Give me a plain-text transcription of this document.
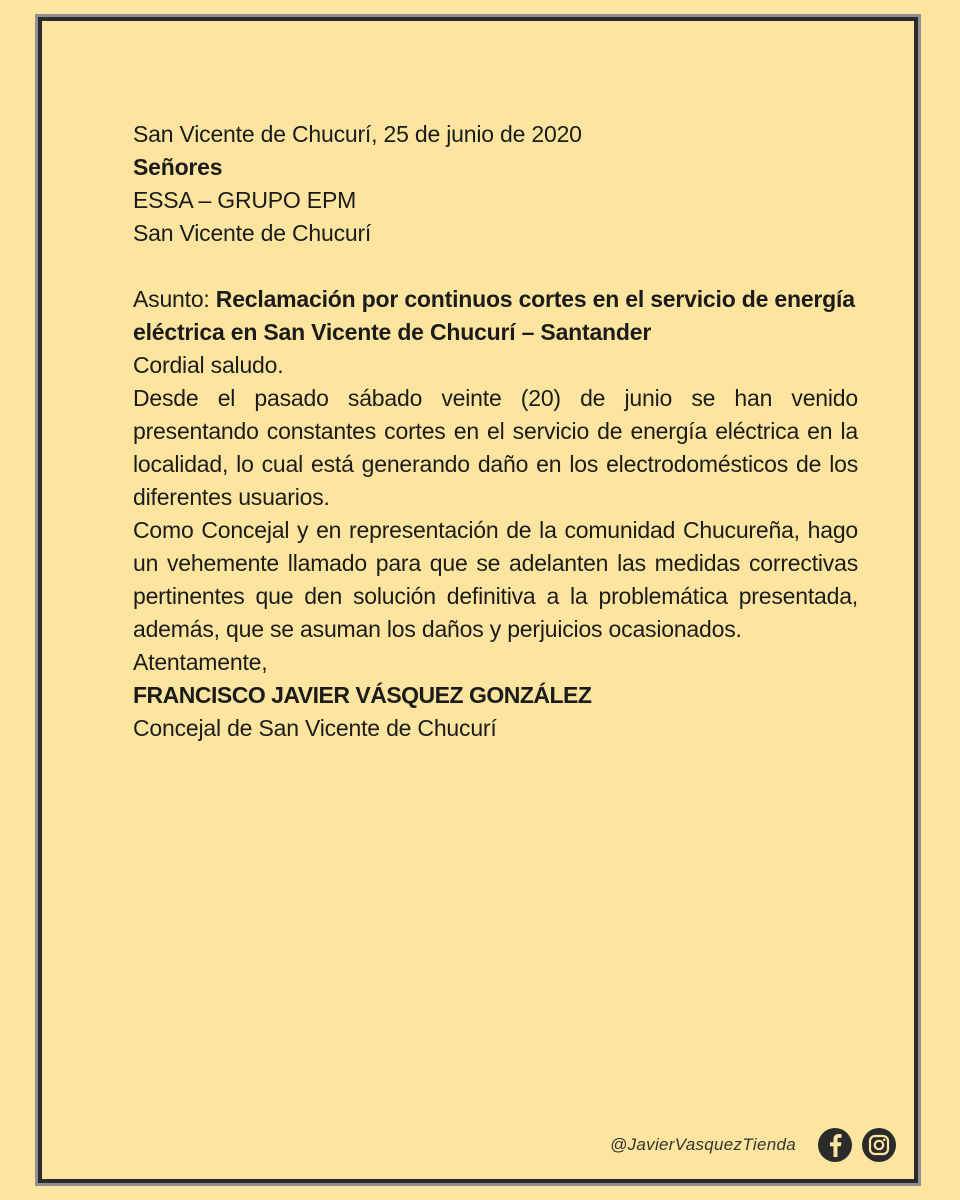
San Vicente de Chucurí, 25 de junio de 2020

Señores

ESSA – GRUPO EPM

San Vicente de Chucurí

Asunto: Reclamación por continuos cortes en el servicio de energía eléctrica en San Vicente de Chucurí – Santander

Cordial saludo.

Desde el pasado sábado veinte (20) de junio se han venido presentando constantes cortes en el servicio de energía eléctrica en la localidad, lo cual está generando daño en los electrodomésticos de los diferentes usuarios.

Como Concejal y en representación de la comunidad Chucureña, hago un vehemente llamado para que se adelanten las medidas correctivas pertinentes que den solución definitiva a la problemática presentada, además, que se asuman los daños y perjuicios ocasionados.

Atentamente,

FRANCISCO JAVIER VÁSQUEZ GONZÁLEZ

Concejal de San Vicente de Chucurí

@JavierVasquezTienda
